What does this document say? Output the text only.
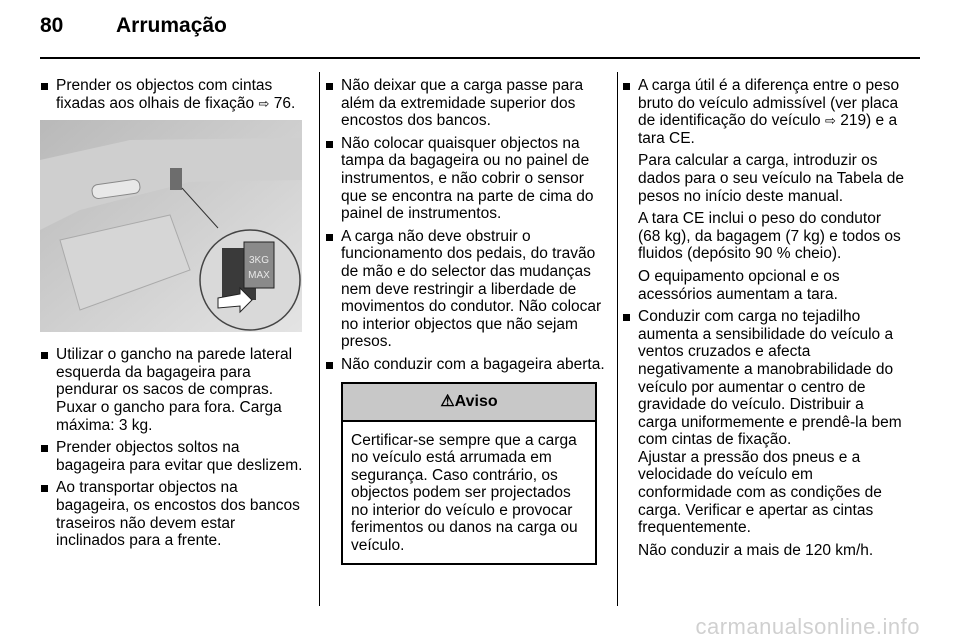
80	Arrumação
Prender os objectos com cintas fixadas aos olhais de fixação ⇨ 76.
3KG
MAX
Utilizar o gancho na parede lateral esquerda da bagageira para pendurar os sacos de compras. Puxar o gancho para fora. Carga máxima: 3 kg.
Prender objectos soltos na bagageira para evitar que deslizem.
Ao transportar objectos na bagageira, os encostos dos bancos traseiros não devem estar inclinados para a frente.
Não deixar que a carga passe para além da extremidade superior dos encostos dos bancos.
Não colocar quaisquer objectos na tampa da bagageira ou no painel de instrumentos, e não cobrir o sensor que se encontra na parte de cima do painel de instrumentos.
A carga não deve obstruir o funcionamento dos pedais, do travão de mão e do selector das mudanças nem deve restringir a liberdade de movimentos do condutor. Não colocar no interior objectos que não sejam presos.
Não conduzir com a bagageira aberta.
⚠Aviso
Certificar-se sempre que a carga no veículo está arrumada em segurança. Caso contrário, os objectos podem ser projectados no interior do veículo e provocar ferimentos ou danos na carga ou veículo.
A carga útil é a diferença entre o peso bruto do veículo admissível (ver placa de identificação do veículo ⇨ 219) e a tara CE.
Para calcular a carga, introduzir os dados para o seu veículo na Tabela de pesos no início deste manual.
A tara CE inclui o peso do condutor (68 kg), da bagagem (7 kg) e todos os fluidos (depósito 90 % cheio).
O equipamento opcional e os acessórios aumentam a tara.
Conduzir com carga no tejadilho aumenta a sensibilidade do veículo a ventos cruzados e afecta negativamente a manobrabilidade do veículo por aumentar o centro de gravidade do veículo. Distribuir a carga uniformemente e prendê-la bem com cintas de fixação.
Ajustar a pressão dos pneus e a velocidade do veículo em conformidade com as condições de carga. Verificar e apertar as cintas frequentemente.
Não conduzir a mais de 120 km/h.
carmanualsonline.info
